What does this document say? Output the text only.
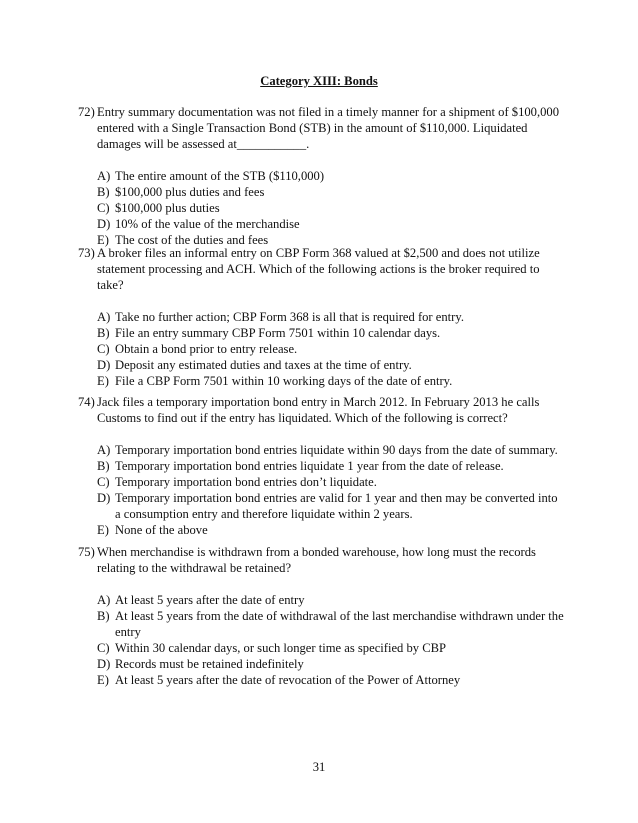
Category XIII: Bonds
72) Entry summary documentation was not filed in a timely manner for a shipment of $100,000 entered with a Single Transaction Bond (STB) in the amount of $110,000. Liquidated damages will be assessed at___________.
A) The entire amount of the STB ($110,000)
B) $100,000 plus duties and fees
C) $100,000 plus duties
D) 10% of the value of the merchandise
E) The cost of the duties and fees
73) A broker files an informal entry on CBP Form 368 valued at $2,500 and does not utilize statement processing and ACH. Which of the following actions is the broker required to take?
A) Take no further action; CBP Form 368 is all that is required for entry.
B) File an entry summary CBP Form 7501 within 10 calendar days.
C) Obtain a bond prior to entry release.
D) Deposit any estimated duties and taxes at the time of entry.
E) File a CBP Form 7501 within 10 working days of the date of entry.
74) Jack files a temporary importation bond entry in March 2012. In February 2013 he calls Customs to find out if the entry has liquidated. Which of the following is correct?
A) Temporary importation bond entries liquidate within 90 days from the date of summary.
B) Temporary importation bond entries liquidate 1 year from the date of release.
C) Temporary importation bond entries don’t liquidate.
D) Temporary importation bond entries are valid for 1 year and then may be converted into a consumption entry and therefore liquidate within 2 years.
E) None of the above
75) When merchandise is withdrawn from a bonded warehouse, how long must the records relating to the withdrawal be retained?
A) At least 5 years after the date of entry
B) At least 5 years from the date of withdrawal of the last merchandise withdrawn under the entry
C) Within 30 calendar days, or such longer time as specified by CBP
D) Records must be retained indefinitely
E) At least 5 years after the date of revocation of the Power of Attorney
31
